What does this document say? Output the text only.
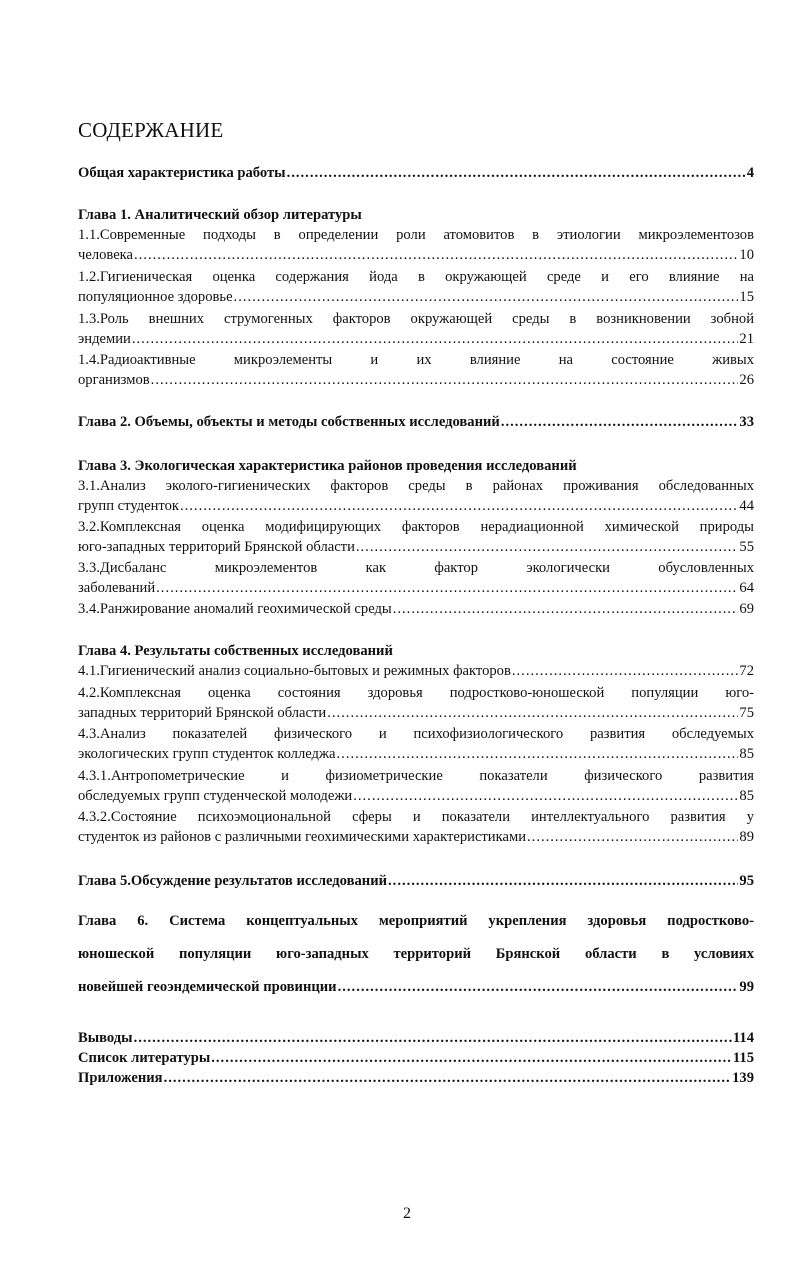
СОДЕРЖАНИЕ
Общая характеристика работы .....	4
Глава 1. Аналитический обзор литературы
1.1.Современные подходы в определении роли атомовитов в этиологии микроэлементозов
человека .....	10
1.2.Гигиеническая оценка содержания йода в окружающей среде и его влияние на
популяционное здоровье .....	15
1.3.Роль внешних струмогенных факторов окружающей среды в возникновении зобной
эндемии .....	21
1.4.Радиоактивные микроэлементы и их влияние на состояние живых
организмов .....	26
Глава 2. Объемы, объекты и методы собственных исследований .....	33
Глава 3. Экологическая характеристика районов проведения исследований
3.1.Анализ эколого-гигиенических факторов среды в районах проживания обследованных
групп студенток .....	44
3.2.Комплексная оценка модифицирующих факторов нерадиационной химической природы
юго-западных территорий Брянской области .....	55
3.3.Дисбаланс микроэлементов как фактор экологически обусловленных
заболеваний .....	64
3.4.Ранжирование аномалий геохимической среды .....	69
Глава 4. Результаты собственных исследований
4.1.Гигиенический анализ социально-бытовых и режимных факторов .....	72
4.2.Комплексная оценка состояния здоровья подростково-юношеской популяции юго-
западных территорий Брянской области .....	75
4.3.Анализ показателей физического и психофизиологического развития обследуемых
экологических групп студенток колледжа .....	85
4.3.1.Антропометрические и физиометрические показатели физического развития
обследуемых групп студенческой молодежи .....	85
4.3.2.Состояние психоэмоциональной сферы и показатели интеллектуального развития у
студенток из районов с различными геохимическими характеристиками .....	89
Глава 5.Обсуждение результатов исследований .....	95
Глава 6. Система концептуальных мероприятий укрепления здоровья подростково-
юношеской популяции юго-западных территорий Брянской области в условиях
новейшей геоэндемической провинции .....	99
Выводы .....	114
Список литературы .....	115
Приложения .....	139

2
